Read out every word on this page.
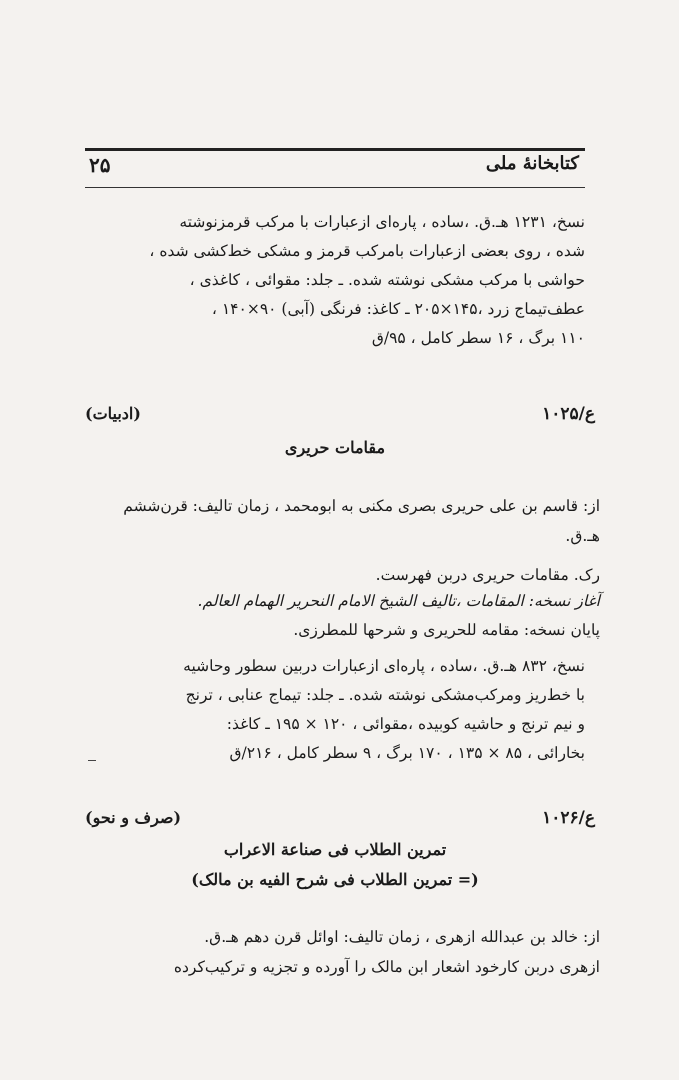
کتابخانهٔ ملی
۲۵

نسخ، ۱۲۳۱ هـ.ق. ،ساده ، پاره‌ای ازعبارات با مرکب قرمزنوشته

شده ، روی بعضی ازعبارات بامرکب قرمز و مشکی خط‌کشی شده ،

حواشی با مرکب مشکی نوشته شده. ـ جلد: مقوائی ، کاغذی ،

عطف‌تیماج زرد ،۱۴۵×۲۰۵ ـ کاغذ: فرنگی (آبی) ۹۰×۱۴۰ ،

۱۱۰ برگ ، ۱۶ سطر کامل ، ۹۵/ق

ع/۱۰۲۵
(ادبیات)
مقامات حریری
از: قاسم بن علی حریری بصری مکنی به ابومحمد ، زمان تالیف: قرن‌ششم
هـ.ق.
رک. مقامات حریری دربن فهرست.
آغاز نسخه: المقامات ،تالیف الشیخ الامام النحریر الهمام العالم.
پایان نسخه: مقامه للحریری و شرحها للمطرزی.

نسخ، ۸۳۲ هـ.ق. ،ساده ، پاره‌ای ازعبارات دربین سطور وحاشیه

با خط‌ریز ومرکب‌مشکی نوشته شده. ـ جلد: تیماج عنابی ، ترنج

و نیم ترنج و حاشیه کوبیده ،مقوائی ، ۱۲۰ × ۱۹۵ ـ کاغذ:

بخارائی ، ۸۵ × ۱۳۵ ، ۱۷۰ برگ ، ۹ سطر کامل ، ۲۱۶/ق

ع/۱۰۲۶
(صرف و نحو)
تمرین الطلاب فی صناعة الاعراب
(= تمرین الطلاب فی شرح الفیه بن مالک)
از: خالد بن عبدالله ازهری ، زمان تالیف: اوائل قرن دهم هـ.ق.
ازهری دربن کارخود اشعار ابن مالک را آورده و تجزیه و ترکیب‌کرده
